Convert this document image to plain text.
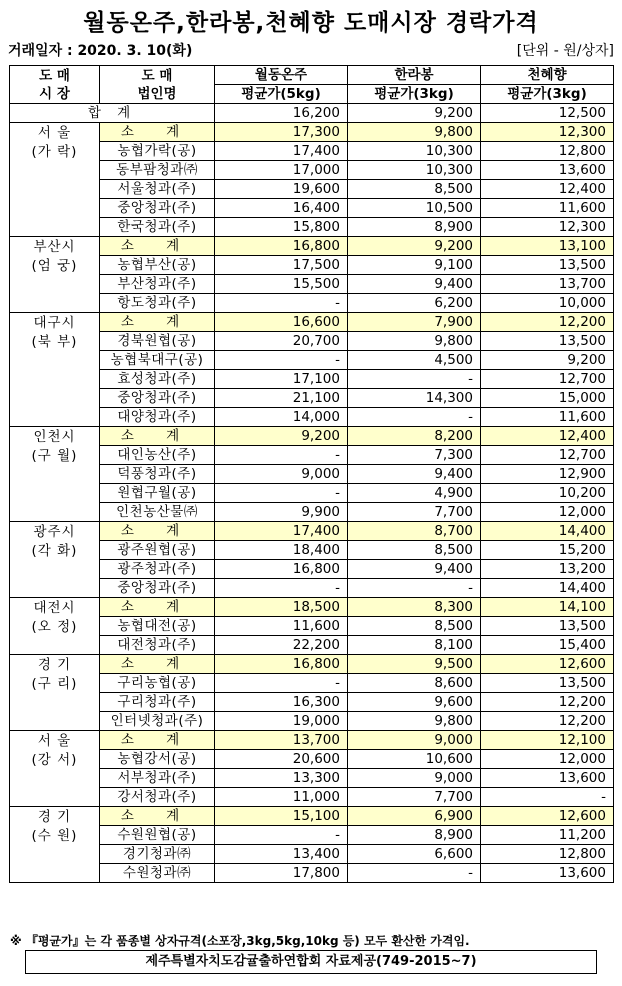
월동온주,한라봉,천혜향 도매시장 경락가격
거래일자 : 2020. 3. 10(화)	[단위 - 원/상자]
도 매
시 장	도 매
법인명	월동온주	한라봉	천혜향
		평균가(5kg)	평균가(3kg)	평균가(3kg)
합 계		16,200	9,200	12,500
서 울
(가 락)	소 계	17,300	9,800	12,300
	농협가락(공)	17,400	10,300	12,800
	동부팜청과㈜	17,000	10,300	13,600
	서울청과(주)	19,600	8,500	12,400
	중앙청과(주)	16,400	10,500	11,600
	한국청과(주)	15,800	8,900	12,300
부산시
(엄 궁)	소 계	16,800	9,200	13,100
	농협부산(공)	17,500	9,100	13,500
	부산청과(주)	15,500	9,400	13,700
	항도청과(주)	-	6,200	10,000
대구시
(북 부)	소 계	16,600	7,900	12,200
	경북원협(공)	20,700	9,800	13,500
	농협북대구(공)	-	4,500	9,200
	효성청과(주)	17,100	-	12,700
	중앙청과(주)	21,100	14,300	15,000
	대양청과(주)	14,000	-	11,600
인천시
(구 월)	소 계	9,200	8,200	12,400
	대인농산(주)	-	7,300	12,700
	덕풍청과(주)	9,000	9,400	12,900
	원협구월(공)	-	4,900	10,200
	인천농산물㈜	9,900	7,700	12,000
광주시
(각 화)	소 계	17,400	8,700	14,400
	광주원협(공)	18,400	8,500	15,200
	광주청과(주)	16,800	9,400	13,200
	중앙청과(주)	-	-	14,400
대전시
(오 정)	소 계	18,500	8,300	14,100
	농협대전(공)	11,600	8,500	13,500
	대전청과(주)	22,200	8,100	15,400
경 기
(구 리)	소 계	16,800	9,500	12,600
	구리농협(공)	-	8,600	13,500
	구리청과(주)	16,300	9,600	12,200
	인터넷청과(주)	19,000	9,800	12,200
서 울
(강 서)	소 계	13,700	9,000	12,100
	농협강서(공)	20,600	10,600	12,000
	서부청과(주)	13,300	9,000	13,600
	강서청과(주)	11,000	7,700	-
경 기
(수 원)	소 계	15,100	6,900	12,600
	수원원협(공)	-	8,900	11,200
	경기청과㈜	13,400	6,600	12,800
	수원청과㈜	17,800	-	13,600
※ 『평균가』는 각 품종별 상자규격(소포장,3kg,5kg,10kg 등) 모두 환산한 가격임.
제주특별자치도감귤출하연합회 자료제공(749-2015~7)
